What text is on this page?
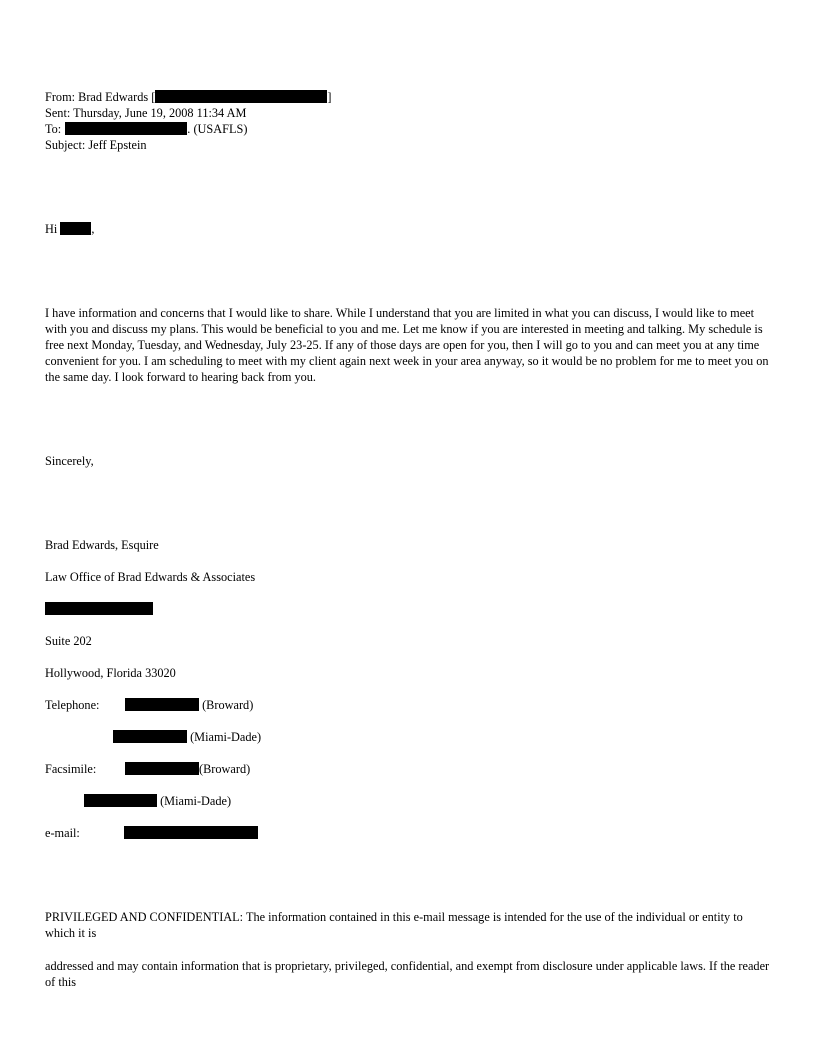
From: Brad Edwards [	]
Sent: Thursday, June 19, 2008 11:34 AM
To:	. (USAFLS)
Subject: Jeff Epstein
Hi	,
I have information and concerns that I would like to share. While I understand that you are limited in what you can discuss, I would like to meet with you and discuss my plans. This would be beneficial to you and me. Let me know if you are interested in meeting and talking. My schedule is free next Monday, Tuesday, and Wednesday, July 23-25. If any of those days are open for you, then I will go to you and can meet you at any time convenient for you. I am scheduling to meet with my client again next week in your area anyway, so it would be no problem for me to meet you on the same day. I look forward to hearing back from you.
Sincerely,
Brad Edwards, Esquire
Law Office of Brad Edwards & Associates
Suite 202
Hollywood, Florida 33020
Telephone:	(Broward)
(Miami-Dade)
Facsimile:	(Broward)
(Miami-Dade)
e-mail:
PRIVILEGED AND CONFIDENTIAL: The information contained in this e-mail message is intended for the use of the individual or entity to which it is
addressed and may contain information that is proprietary, privileged, confidential, and exempt from disclosure under applicable laws. If the reader of this
